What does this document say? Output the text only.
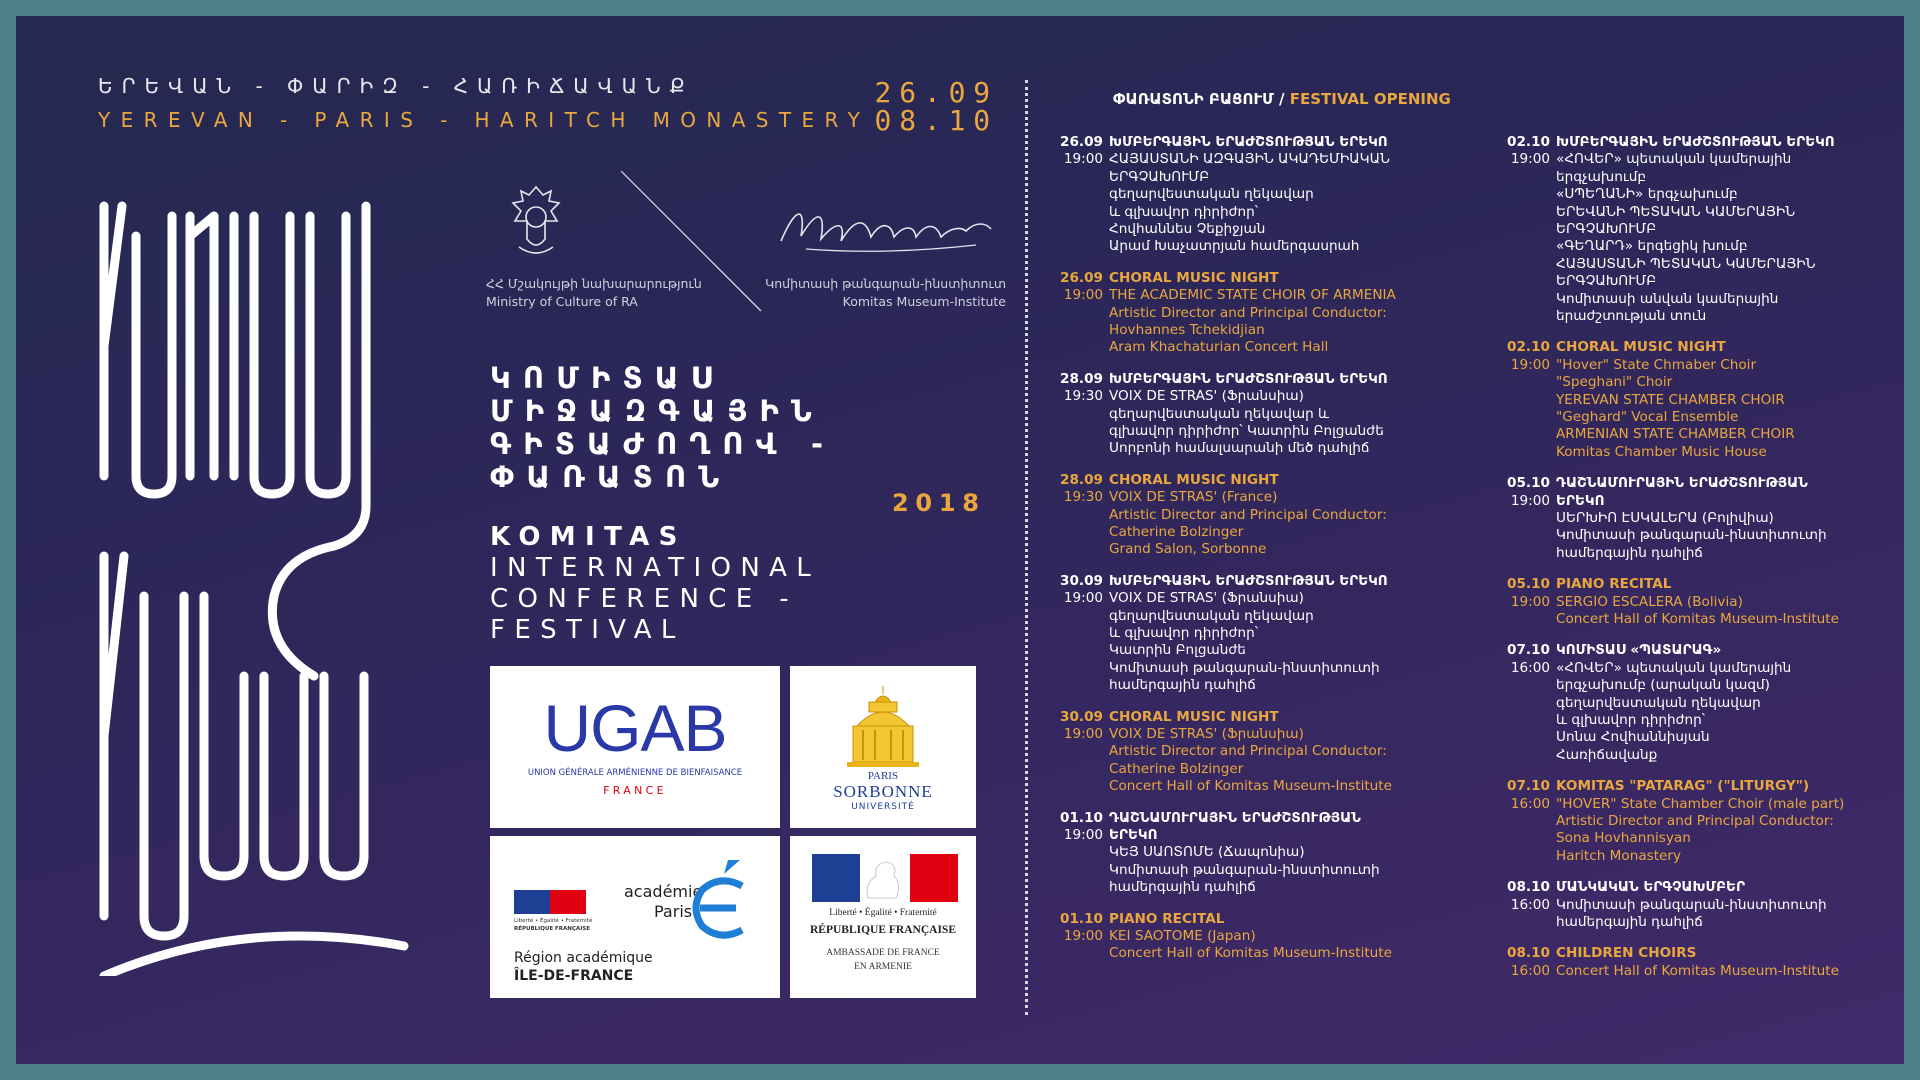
ԵՐԵՎԱՆ - ՓԱՐԻԶ - ՀԱՌԻՃԱՎԱՆՔ
YEREVAN - PARIS - HARITCH MONASTERY
26.09
08.10
ՀՀ Մշակույթի նախարարություն
Ministry of Culture of RA
Կոմիտասի թանգարան-ինստիտուտ
Komitas Museum-Institute
ԿՈՄԻՏԱՍ
ՄԻՋԱԶԳԱՅԻՆ
ԳԻՏԱԺՈՂՈՎ -
ՓԱՌԱՏՈՆ
2018
KOMITAS
INTERNATIONAL
CONFERENCE -
FESTIVAL
UGAB
UNION GÉNÉRALE ARMÉNIENNE DE BIENFAISANCE
FRANCE
PARIS
SORBONNE
UNIVERSITÉ
Liberté • Égalité • Fraternité
RÉPUBLIQUE FRANÇAISE
académie
Paris
Région académique
ÎLE-DE-FRANCE
Liberté • Égalité • Fraternité
RÉPUBLIQUE FRANÇAISE
AMBASSADE DE FRANCE
EN ARMENIE
ՓԱՌԱՏՈՆԻ ԲԱՑՈՒՄ / FESTIVAL OPENING
26.09
19:00
ԽՄԲԵՐԳԱՅԻՆ ԵՐԱԺՇՏՈՒԹՅԱՆ ԵՐԵԿՈ
ՀԱՅԱՍՏԱՆԻ ԱԶԳԱՅԻՆ ԱԿԱԴԵՄԻԱԿԱՆ
ԵՐԳՉԱԽՈՒՄԲ
գեղարվեստական ղեկավար
և գլխավոր դիրիժոր՝
Հովհաննես Չեքիջյան
Արամ Խաչատրյան համերգասրահ
26.09
19:00
CHORAL MUSIC NIGHT
THE ACADEMIC STATE CHOIR OF ARMENIA
Artistic Director and Principal Conductor:
Hovhannes Tchekidjian
Aram Khachaturian Concert Hall
28.09
19:30
ԽՄԲԵՐԳԱՅԻՆ ԵՐԱԺՇՏՈՒԹՅԱՆ ԵՐԵԿՈ
VOIX DE STRAS' (Ֆրանսիա)
գեղարվեստական ղեկավար և
գլխավոր դիրիժոր՝ Կատրին Բոլցանժե
Սորբոնի համալսարանի մեծ դահլիճ
28.09
19:30
CHORAL MUSIC NIGHT
VOIX DE STRAS' (France)
Artistic Director and Principal Conductor:
Catherine Bolzinger
Grand Salon, Sorbonne
30.09
19:00
ԽՄԲԵՐԳԱՅԻՆ ԵՐԱԺՇՏՈՒԹՅԱՆ ԵՐԵԿՈ
VOIX DE STRAS' (Ֆրանսիա)
գեղարվեստական ղեկավար
և գլխավոր դիրիժոր՝
Կատրին Բոլցանժե
Կոմիտասի թանգարան-ինստիտուտի
համերգային դահլիճ
30.09
19:00
CHORAL MUSIC NIGHT
VOIX DE STRAS' (Ֆրանսիա)
Artistic Director and Principal Conductor:
Catherine Bolzinger
Concert Hall of Komitas Museum-Institute
01.10
19:00
ԴԱՇՆԱՄՈՒՐԱՅԻՆ ԵՐԱԺՇՏՈՒԹՅԱՆ
ԵՐԵԿՈ
ԿԵՅ ՍԱՈՏՈՄԵ (Ճապոնիա)
Կոմիտասի թանգարան-ինստիտուտի
համերգային դահլիճ
01.10
19:00
PIANO RECITAL
KEI SAOTOME (Japan)
Concert Hall of Komitas Museum-Institute
02.10
19:00
ԽՄԲԵՐԳԱՅԻՆ ԵՐԱԺՇՏՈՒԹՅԱՆ ԵՐԵԿՈ
«ՀՈՎԵՐ» պետական կամերային
երգչախումբ
«ՍՊԵՂԱՆԻ» երգչախումբ
ԵՐԵՎԱՆԻ ՊԵՏԱԿԱՆ ԿԱՄԵՐԱՅԻՆ
ԵՐԳՉԱԽՈՒՄԲ
«ԳԵՂԱՐԴ» երգեցիկ խումբ
ՀԱՅԱՍՏԱՆԻ ՊԵՏԱԿԱՆ ԿԱՄԵՐԱՅԻՆ
ԵՐԳՉԱԽՈՒՄԲ
Կոմիտասի անվան կամերային
երաժշտության տուն
02.10
19:00
CHORAL MUSIC NIGHT
"Hover" State Chmaber Choir
"Speghani" Choir
YEREVAN STATE CHAMBER CHOIR
"Geghard" Vocal Ensemble
ARMENIAN STATE CHAMBER CHOIR
Komitas Chamber Music House
05.10
19:00
ԴԱՇՆԱՄՈՒՐԱՅԻՆ ԵՐԱԺՇՏՈՒԹՅԱՆ
ԵՐԵԿՈ
ՍԵՐԽԻՈ ԷՍԿԱԼԵՐԱ (Բոլիվիա)
Կոմիտասի թանգարան-ինստիտուտի
համերգային դահլիճ
05.10
19:00
PIANO RECITAL
SERGIO ESCALERA (Bolivia)
Concert Hall of Komitas Museum-Institute
07.10
16:00
ԿՈՄԻՏԱՍ «ՊԱՏԱՐԱԳ»
«ՀՈՎԵՐ» պետական կամերային
երգչախումբ (արական կազմ)
գեղարվեստական ղեկավար
և գլխավոր դիրիժոր՝
Սոնա Հովհաննիսյան
Հառիճավանք
07.10
16:00
KOMITAS "PATARAG" ("LITURGY")
"HOVER" State Chamber Choir (male part)
Artistic Director and Principal Conductor:
Sona Hovhannisyan
Haritch Monastery
08.10
16:00
ՄԱՆԿԱԿԱՆ ԵՐԳՉԱԽՄԲԵՐ
Կոմիտասի թանգարան-ինստիտուտի
համերգային դահլիճ
08.10
16:00
CHILDREN CHOIRS
Concert Hall of Komitas Museum-Institute
